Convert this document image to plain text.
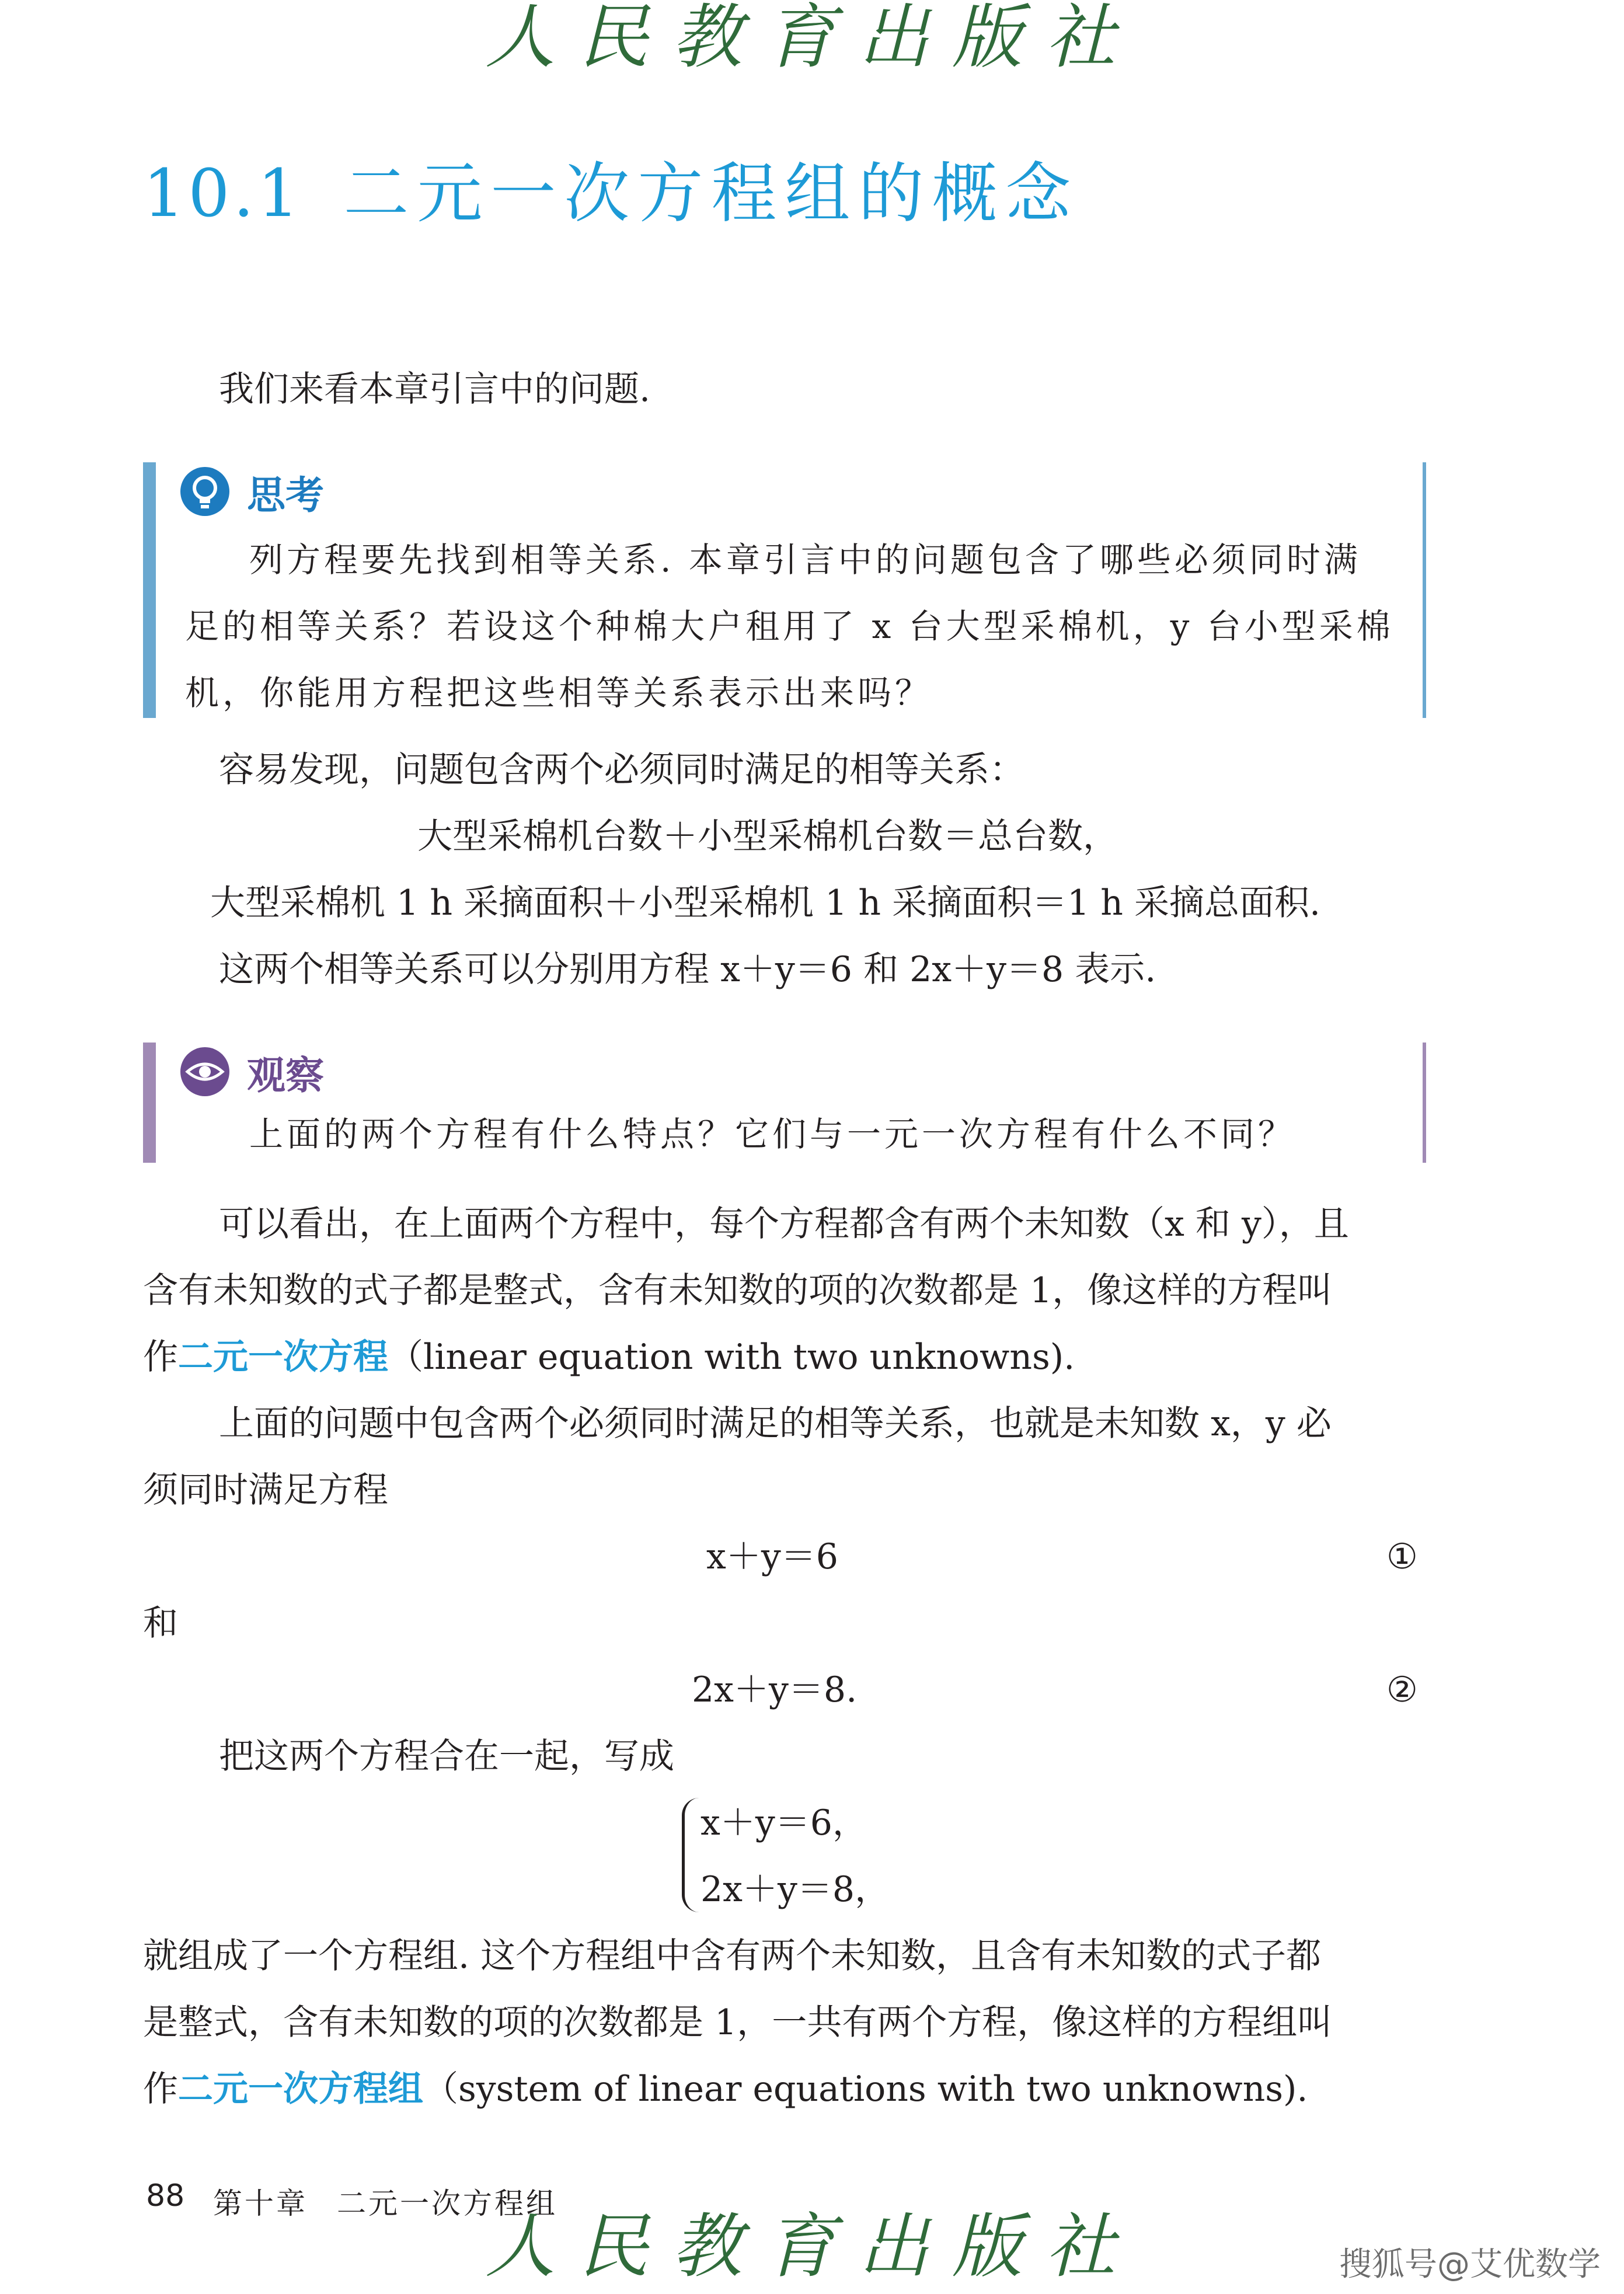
人民教育出版社
10.1 二元一次方程组的概念
我们来看本章引言中的问题.
思考
列方程要先找到相等关系. 本章引言中的问题包含了哪些必须同时满
足的相等关系？若设这个种棉大户租用了 x 台大型采棉机，y 台小型采棉
机，你能用方程把这些相等关系表示出来吗？
容易发现，问题包含两个必须同时满足的相等关系：
大型采棉机台数＋小型采棉机台数＝总台数，
大型采棉机 1 h 采摘面积＋小型采棉机 1 h 采摘面积＝1 h 采摘总面积.
这两个相等关系可以分别用方程 x＋y＝6 和 2x＋y＝8 表示.
观察
上面的两个方程有什么特点？它们与一元一次方程有什么不同？
可以看出，在上面两个方程中，每个方程都含有两个未知数（x 和 y），且
含有未知数的式子都是整式，含有未知数的项的次数都是 1，像这样的方程叫
作二元一次方程（linear equation with two unknowns).
上面的问题中包含两个必须同时满足的相等关系，也就是未知数 x，y 必
须同时满足方程
x＋y＝6	①
和
2x＋y＝8.	②
把这两个方程合在一起，写成
x＋y＝6，
2x＋y＝8，
就组成了一个方程组. 这个方程组中含有两个未知数，且含有未知数的式子都
是整式，含有未知数的项的次数都是 1，一共有两个方程，像这样的方程组叫
作二元一次方程组（system of linear equations with two unknowns).
88 第十章 二元一次方程组
人民教育出版社	搜狐号@艾优数学
